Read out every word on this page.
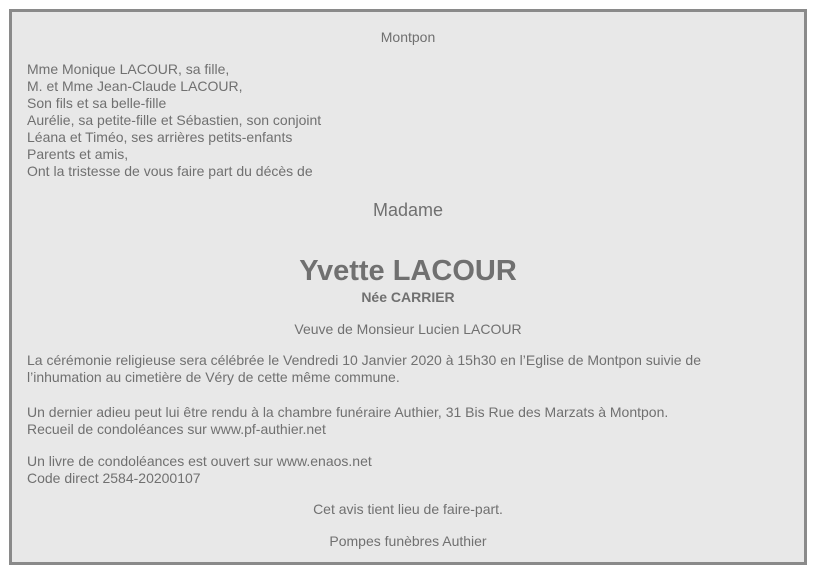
Montpon
Mme Monique LACOUR, sa fille,
M. et Mme Jean-Claude LACOUR,
Son fils et sa belle-fille
Aurélie, sa petite-fille et Sébastien, son conjoint
Léana et Timéo, ses arrières petits-enfants
Parents et amis,
Ont la tristesse de vous faire part du décès de
Madame
Yvette LACOUR
Née CARRIER
Veuve de Monsieur Lucien LACOUR
La cérémonie religieuse sera célébrée le Vendredi 10 Janvier 2020 à 15h30 en l’Eglise de Montpon suivie de
l’inhumation au cimetière de Véry de cette même commune.
Un dernier adieu peut lui être rendu à la chambre funéraire Authier, 31 Bis Rue des Marzats à Montpon.
Recueil de condoléances sur www.pf-authier.net
Un livre de condoléances est ouvert sur www.enaos.net
Code direct 2584-20200107
Cet avis tient lieu de faire-part.
Pompes funèbres Authier
